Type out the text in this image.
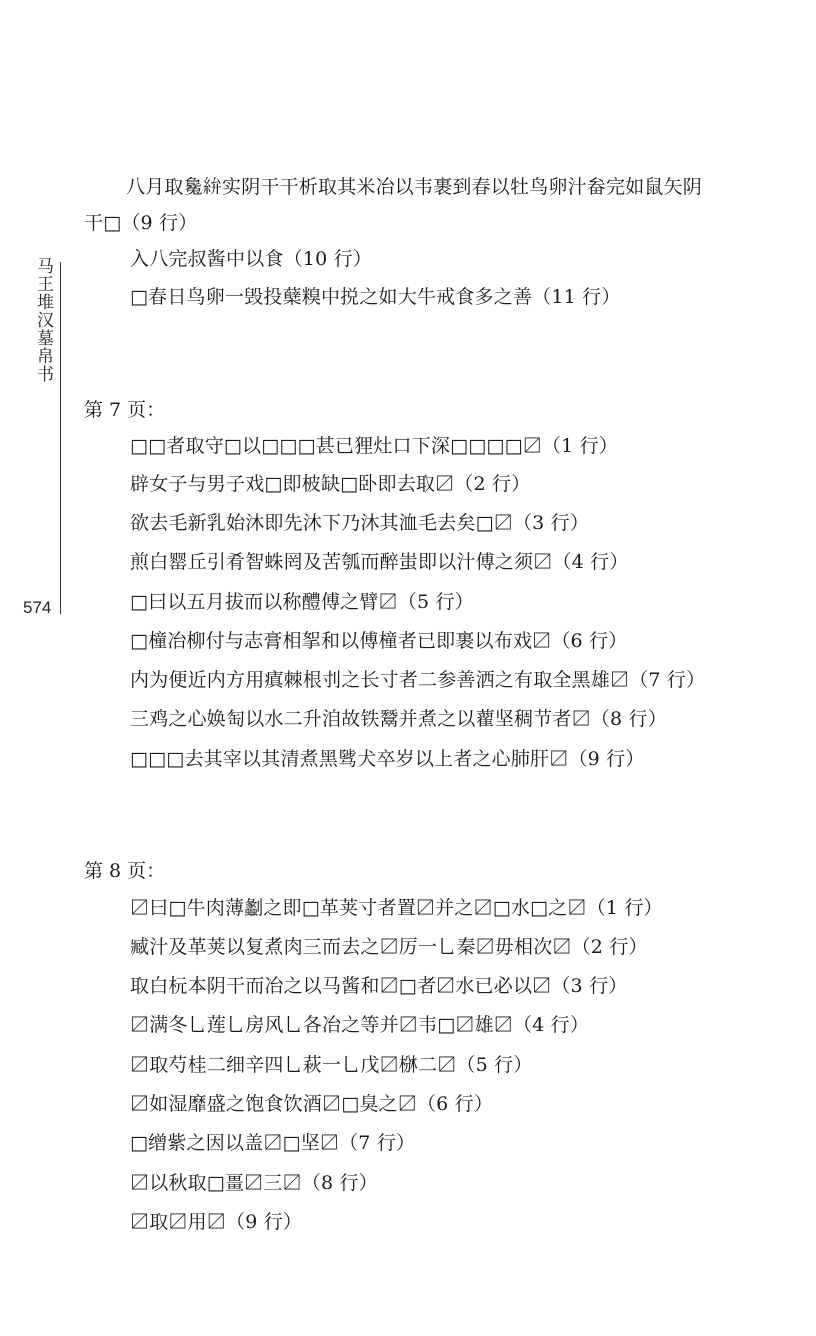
马王堆汉墓帛书
574
八月取毚𥿋实阴干干析取其米冶以韦裹到春以牡鸟卵汁畚完如鼠矢阴
干□（9 行）
入八完叔酱中以食（10 行）
□春日鸟卵一毁投蘖糗中捝之如大牛戒食多之善（11 行）
第 7 页：
□□者取守□以□□□甚已狸灶口下深□□□□〼（1 行）
辟女子与男子戏□即柀缺□卧即去取〼（2 行）
欲去毛新乳始沐即先沐下乃沐其洫毛去矣□〼（3 行）
煎白罂丘引肴智蛛罔及苦瓠而醉蚩即以汁傅之须〼（4 行）
□曰以五月拔而以称醴傅之臂〼（5 行）
□橦冶柳付与志膏相挐和以傅橦者已即裹以布戏〼（6 行）
内为便近内方用瘨棘根刌之长寸者二参善洒之有取全黑雄〼（7 行）
三鸡之心㛟匋以水二升洎故铁鬵并煮之以藋坚稠节者〼（8 行）
□□□去其宰以其清煮黑骘犬卒岁以上者之心肺肝〼（9 行）
第 8 页：
〼曰□牛肉薄劙之即□革荚寸者置〼并之〼□水□之〼（1 行）
臧汁及革荚以复煮肉三而去之〼厉一乚秦〼毋相次〼（2 行）
取白杬本阴干而冶之以马酱和〼□者〼水已必以〼（3 行）
〼满冬乚莲乚房风乚各冶之等并〼韦□〼雄〼（4 行）
〼取芍桂二细辛四乚萩一乚戊〼椕二〼（5 行）
〼如湿靡盛之饱食饮酒〼□臭之〼（6 行）
□缯紫之因以盖〼□坚〼（7 行）
〼以秋取□畺〼三〼（8 行）
〼取〼用〼（9 行）
